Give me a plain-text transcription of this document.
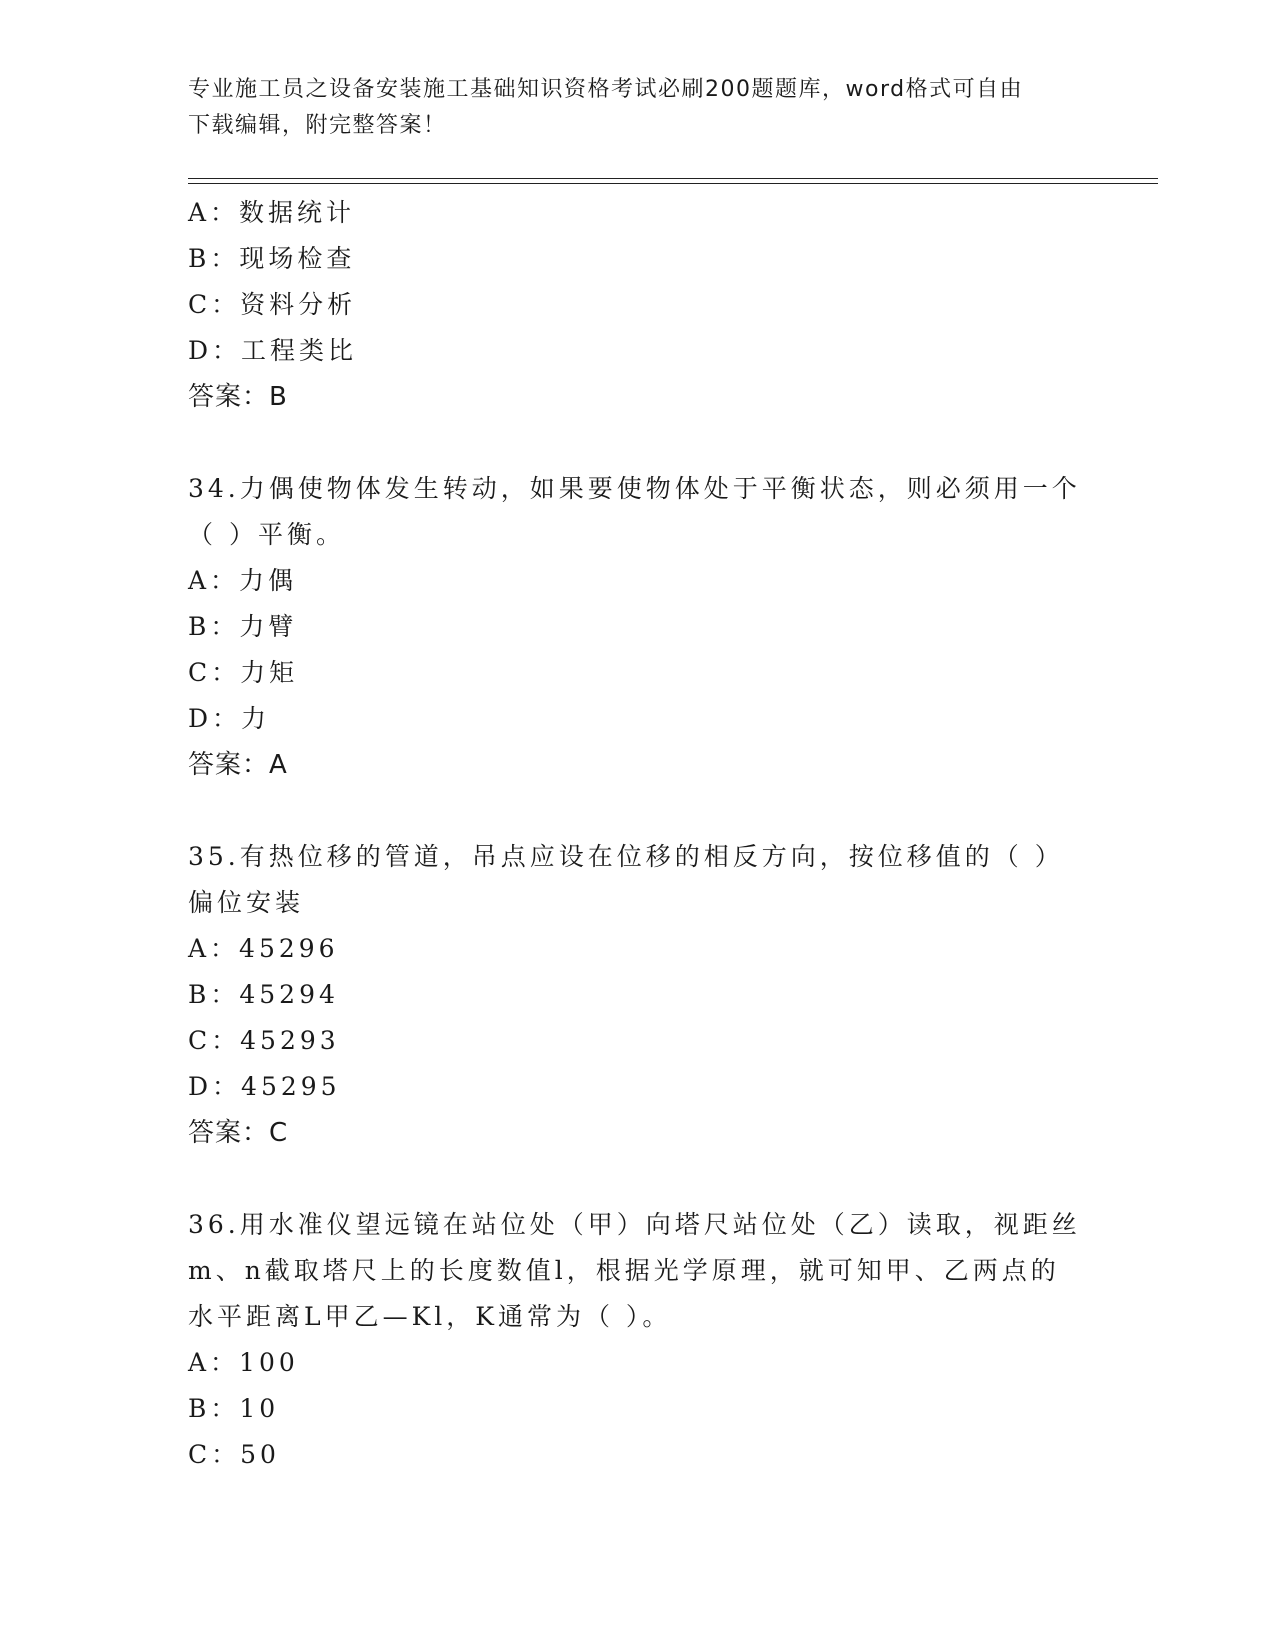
专业施工员之设备安装施工基础知识资格考试必刷200题题库，word格式可自由
下载编辑，附完整答案！
A：数据统计
B：现场检查
C：资料分析
D：工程类比
答案：B
34.力偶使物体发生转动，如果要使物体处于平衡状态，则必须用一个
（ ）平衡。
A：力偶
B：力臂
C：力矩
D：力
答案：A
35.有热位移的管道，吊点应设在位移的相反方向，按位移值的（ ）
偏位安装
A：45296
B：45294
C：45293
D：45295
答案：C
36.用水准仪望远镜在站位处（甲）向塔尺站位处（乙）读取，视距丝
m、n截取塔尺上的长度数值l，根据光学原理，就可知甲、乙两点的
水平距离L甲乙—Kl，K通常为（ ）。
A：100
B：10
C：50
